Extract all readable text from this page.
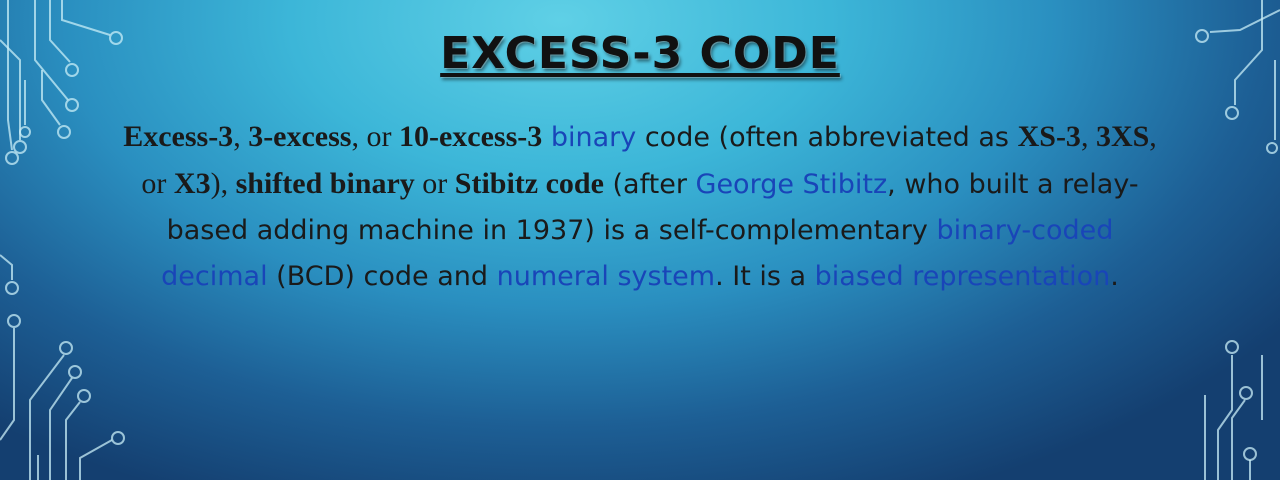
EXCESS-3 CODE

Excess-3, 3-excess, or 10-excess-3 binary code (often abbreviated as XS-3, 3XS, or X3), shifted binary or Stibitz code (after George Stibitz, who built a relay-based adding machine in 1937) is a self-complementary binary-coded decimal (BCD) code and numeral system. It is a biased representation.
